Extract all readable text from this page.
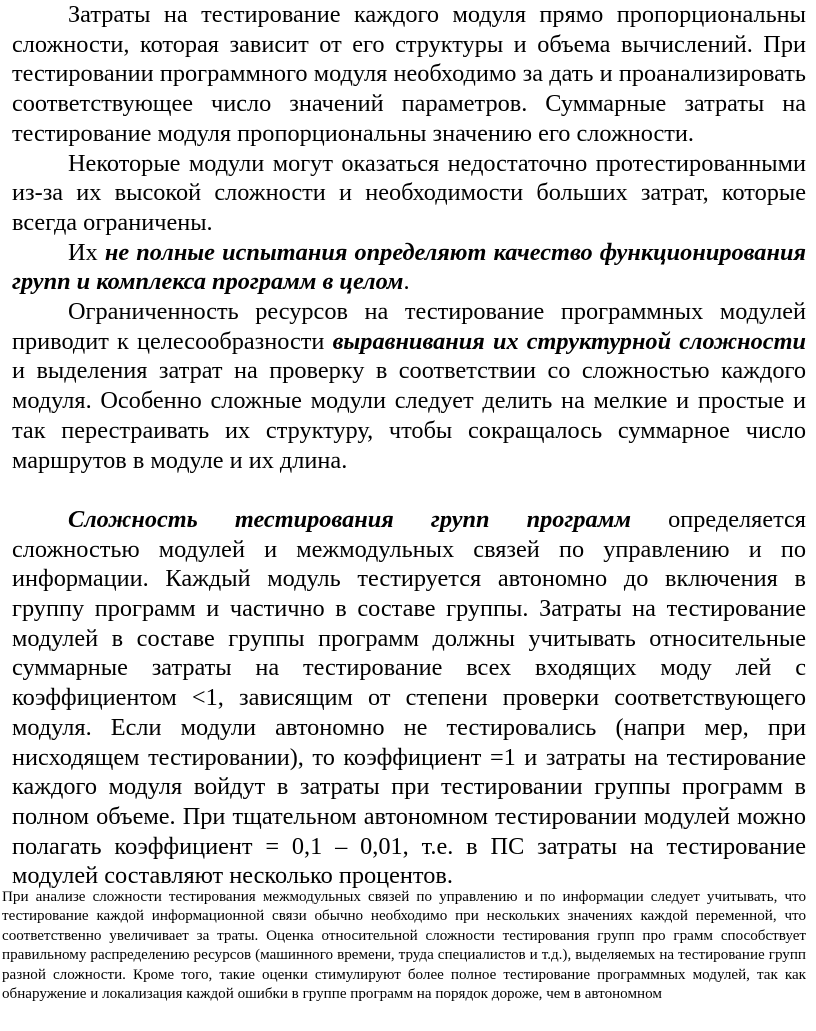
Затраты на тестирование каждого модуля прямо пропорциональны сложности, которая зависит от его структуры и объема вычислений. При тестировании программного модуля необходимо за дать и проанализировать соответствующее число значений параметров. Суммарные затраты на тестирование модуля пропорциональны значению его сложности.

Некоторые модули могут оказаться недостаточно протестированными из-за их высокой сложности и необходимости больших затрат, которые всегда ограничены.

Их не полные испытания определяют качество функционирования групп и комплекса программ в целом.

Ограниченность ресурсов на тестирование программных модулей приводит к целесообразности выравнивания их структурной сложности и выделения затрат на проверку в соответствии со сложностью каждого модуля. Особенно сложные модули следует делить на мелкие и простые и так перестраивать их структуру, чтобы сокращалось суммарное число маршрутов в модуле и их длина.

Сложность тестирования групп программ определяется сложностью модулей и межмодульных связей по управлению и по информации. Каждый модуль тестируется автономно до включения в группу программ и частично в составе группы. Затраты на тестирование модулей в составе группы программ должны учитывать относительные суммарные затраты на тестирование всех входящих моду лей с коэффициентом <1, зависящим от степени проверки соответствующего модуля. Если модули автономно не тестировались (напри мер, при нисходящем тестировании), то коэффициент =1 и затраты на тестирование каждого модуля войдут в затраты при тестировании группы программ в полном объеме. При тщательном автономном тестировании модулей можно полагать коэффициент = 0,1 – 0,01, т.е. в ПС затраты на тестирование модулей составляют несколько процентов.

При анализе сложности тестирования межмодульных связей по управлению и по информации следует учитывать, что тестирование каждой информационной связи обычно необходимо при нескольких значениях каждой переменной, что соответственно увеличивает за траты. Оценка относительной сложности тестирования групп про грамм способствует правильному распределению ресурсов (машинного времени, труда специалистов и т.д.), выделяемых на тестирование групп разной сложности. Кроме того, такие оценки стимулируют более полное тестирование программных модулей, так как обнаружение и локализация каждой ошибки в группе программ на порядок дороже, чем в автономном
